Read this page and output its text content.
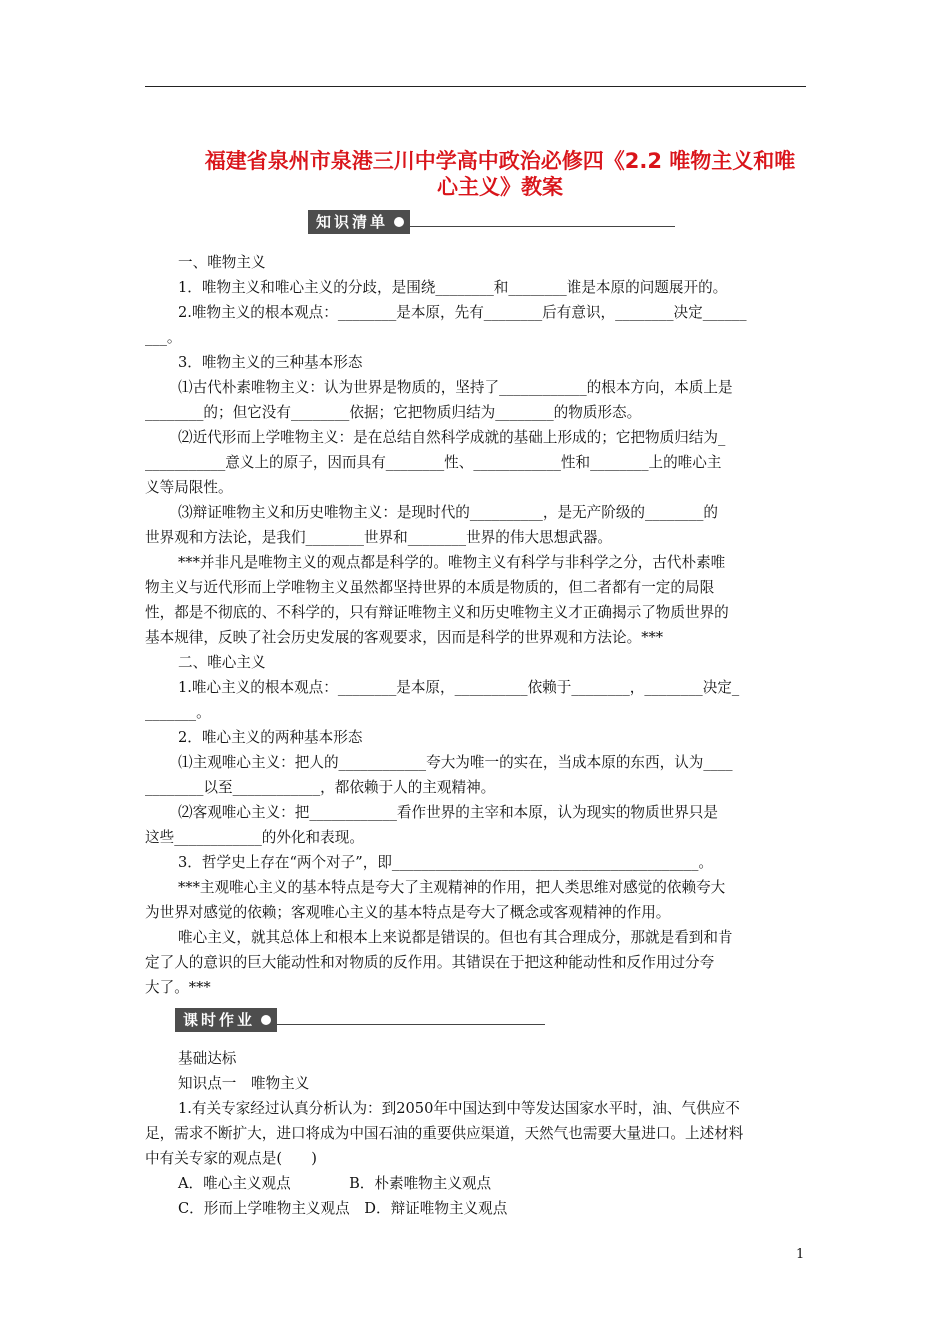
福建省泉州市泉港三川中学高中政治必修四《2.2 唯物主义和唯
心主义》教案
知识清单
一、唯物主义
1．唯物主义和唯心主义的分歧，是围绕________和________谁是本原的问题展开的。
2.唯物主义的根本观点：________是本原，先有________后有意识，________决定______
___。
3．唯物主义的三种基本形态
⑴古代朴素唯物主义：认为世界是物质的，坚持了____________的根本方向，本质上是
________的；但它没有________依据；它把物质归结为________的物质形态。
⑵近代形而上学唯物主义：是在总结自然科学成就的基础上形成的；它把物质归结为_
___________意义上的原子，因而具有________性、____________性和________上的唯心主
义等局限性。
⑶辩证唯物主义和历史唯物主义：是现时代的__________，是无产阶级的________的
世界观和方法论，是我们________世界和________世界的伟大思想武器。
***并非凡是唯物主义的观点都是科学的。唯物主义有科学与非科学之分，古代朴素唯
物主义与近代形而上学唯物主义虽然都坚持世界的本质是物质的，但二者都有一定的局限
性，都是不彻底的、不科学的，只有辩证唯物主义和历史唯物主义才正确揭示了物质世界的
基本规律，反映了社会历史发展的客观要求，因而是科学的世界观和方法论。***
二、唯心主义
1.唯心主义的根本观点：________是本原，__________依赖于________，________决定_
_______。
2．唯心主义的两种基本形态
⑴主观唯心主义：把人的____________夸大为唯一的实在，当成本原的东西，认为____
________以至____________，都依赖于人的主观精神。
⑵客观唯心主义：把____________看作世界的主宰和本原，认为现实的物质世界只是
这些____________的外化和表现。
3．哲学史上存在“两个对子”，即__________________________________________。
***主观唯心主义的基本特点是夸大了主观精神的作用，把人类思维对感觉的依赖夸大
为世界对感觉的依赖；客观唯心主义的基本特点是夸大了概念或客观精神的作用。
唯心主义，就其总体上和根本上来说都是错误的。但也有其合理成分，那就是看到和肯
定了人的意识的巨大能动性和对物质的反作用。其错误在于把这种能动性和反作用过分夸
大了。***
课时作业
基础达标
知识点一　唯物主义
1.有关专家经过认真分析认为：到2050年中国达到中等发达国家水平时，油、气供应不
足，需求不断扩大，进口将成为中国石油的重要供应渠道，天然气也需要大量进口。上述材料
中有关专家的观点是(　　)
A．唯心主义观点　　　　B．朴素唯物主义观点
C．形而上学唯物主义观点　D．辩证唯物主义观点
1
